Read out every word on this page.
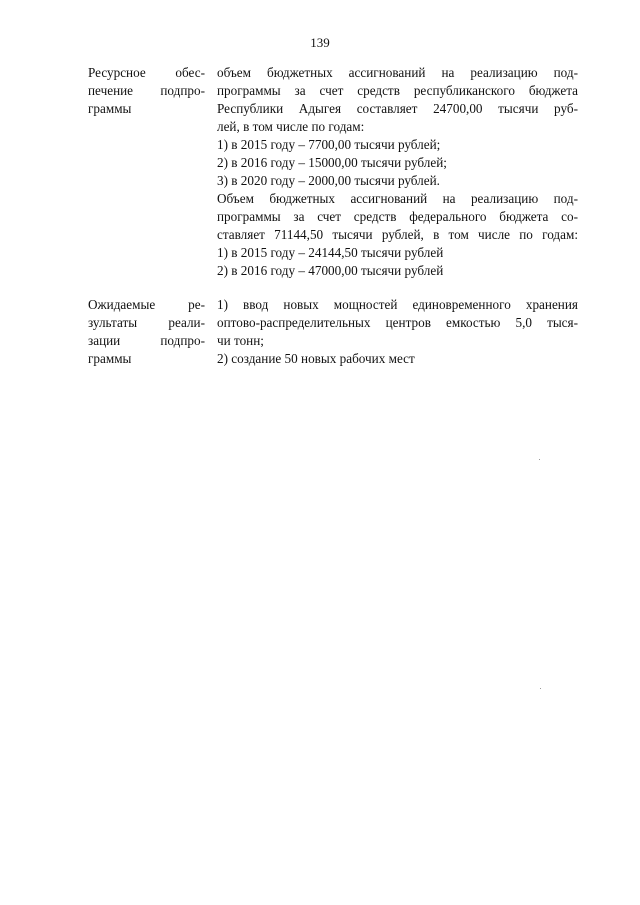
139
Ресурсное обес-
печение подпро-
граммы
объем бюджетных ассигнований на реализацию под-
программы за счет средств республиканского бюджета
Республики Адыгея составляет 24700,00 тысячи руб-
лей, в том числе по годам:
1) в 2015 году – 7700,00 тысячи рублей;
2) в 2016 году – 15000,00 тысячи рублей;
3) в 2020 году – 2000,00 тысячи рублей.
Объем бюджетных ассигнований на реализацию под-
программы за счет средств федерального бюджета со-
ставляет 71144,50 тысячи рублей, в том числе по годам:
1) в 2015 году – 24144,50 тысячи рублей
2) в 2016 году – 47000,00 тысячи рублей
Ожидаемые ре-
зультаты реали-
зации подпро-
граммы
1) ввод новых мощностей единовременного хранения
оптово-распределительных центров емкостью 5,0 тыся-
чи тонн;
2) создание 50 новых рабочих мест
